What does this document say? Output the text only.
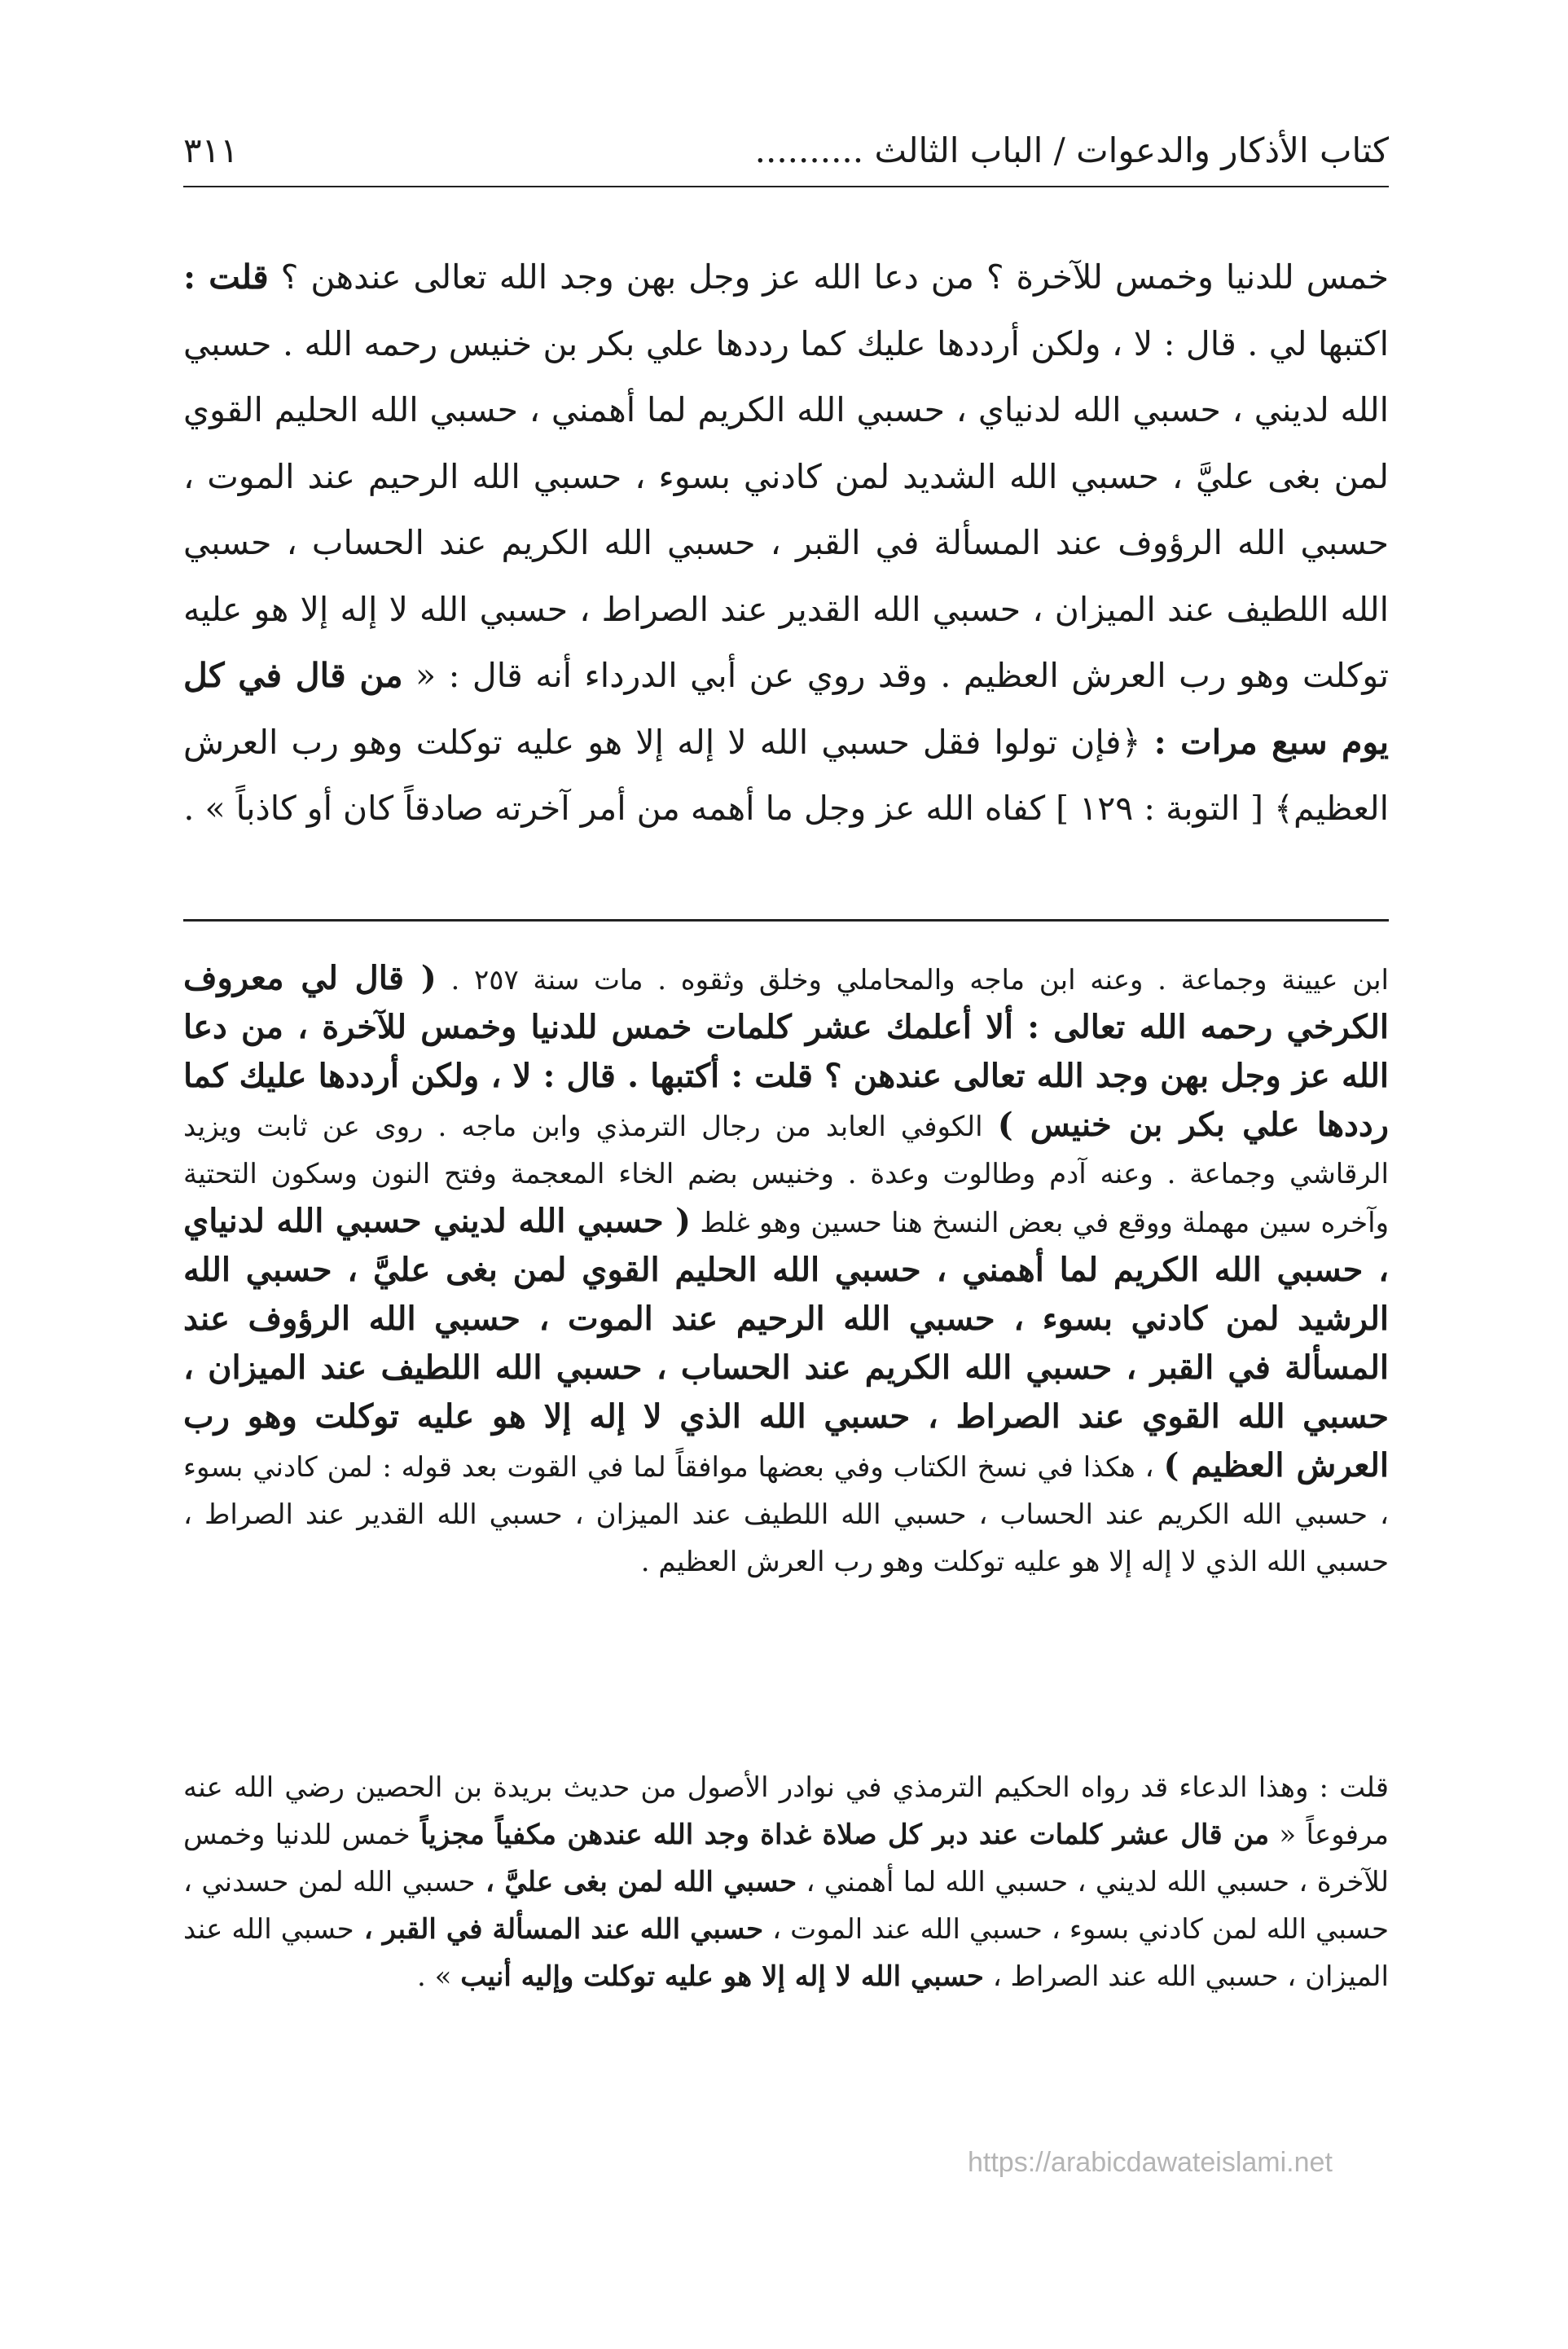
كتاب الأذكار والدعوات / الباب الثالث ..........
٣١١
خمس للدنيا وخمس للآخرة ؟ من دعا الله عز وجل بهن وجد الله تعالى عندهن ؟ قلت : اكتبها لي . قال : لا ، ولكن أرددها عليك كما رددها علي بكر بن خنيس رحمه الله . حسبي الله لديني ، حسبي الله لدنياي ، حسبي الله الكريم لما أهمني ، حسبي الله الحليم القوي لمن بغى عليَّ ، حسبي الله الشديد لمن كادني بسوء ، حسبي الله الرحيم عند الموت ، حسبي الله الرؤوف عند المسألة في القبر ، حسبي الله الكريم عند الحساب ، حسبي الله اللطيف عند الميزان ، حسبي الله القدير عند الصراط ، حسبي الله لا إله إلا هو عليه توكلت وهو رب العرش العظيم . وقد روي عن أبي الدرداء أنه قال : « من قال في كل يوم سبع مرات : ﴿فإن تولوا فقل حسبي الله لا إله إلا هو عليه توكلت وهو رب العرش العظيم﴾ [ التوبة : ١٢٩ ] كفاه الله عز وجل ما أهمه من أمر آخرته صادقاً كان أو كاذباً » .
ابن عيينة وجماعة . وعنه ابن ماجه والمحاملي وخلق وثقوه . مات سنة ٢٥٧ . ( قال لي معروف الكرخي رحمه الله تعالى : ألا أعلمك عشر كلمات خمس للدنيا وخمس للآخرة ، من دعا الله عز وجل بهن وجد الله تعالى عندهن ؟ قلت : أكتبها . قال : لا ، ولكن أرددها عليك كما رددها علي بكر بن خنيس ) الكوفي العابد من رجال الترمذي وابن ماجه . روى عن ثابت ويزيد الرقاشي وجماعة . وعنه آدم وطالوت وعدة . وخنيس بضم الخاء المعجمة وفتح النون وسكون التحتية وآخره سين مهملة ووقع في بعض النسخ هنا حسين وهو غلط ( حسبي الله لديني حسبي الله لدنياي ، حسبي الله الكريم لما أهمني ، حسبي الله الحليم القوي لمن بغى عليَّ ، حسبي الله الرشيد لمن كادني بسوء ، حسبي الله الرحيم عند الموت ، حسبي الله الرؤوف عند المسألة في القبر ، حسبي الله الكريم عند الحساب ، حسبي الله اللطيف عند الميزان ، حسبي الله القوي عند الصراط ، حسبي الله الذي لا إله إلا هو عليه توكلت وهو رب العرش العظيم ) ، هكذا في نسخ الكتاب وفي بعضها موافقاً لما في القوت بعد قوله : لمن كادني بسوء ، حسبي الله الكريم عند الحساب ، حسبي الله اللطيف عند الميزان ، حسبي الله القدير عند الصراط ، حسبي الله الذي لا إله إلا هو عليه توكلت وهو رب العرش العظيم .
قلت : وهذا الدعاء قد رواه الحكيم الترمذي في نوادر الأصول من حديث بريدة بن الحصين رضي الله عنه مرفوعاً « من قال عشر كلمات عند دبر كل صلاة غداة وجد الله عندهن مكفياً مجزياً خمس للدنيا وخمس للآخرة ، حسبي الله لديني ، حسبي الله لما أهمني ، حسبي الله لمن بغى عليَّ ، حسبي الله لمن حسدني ، حسبي الله لمن كادني بسوء ، حسبي الله عند الموت ، حسبي الله عند المسألة في القبر ، حسبي الله عند الميزان ، حسبي الله عند الصراط ، حسبي الله لا إله إلا هو عليه توكلت وإليه أنيب » .
https://arabicdawateislami.net
